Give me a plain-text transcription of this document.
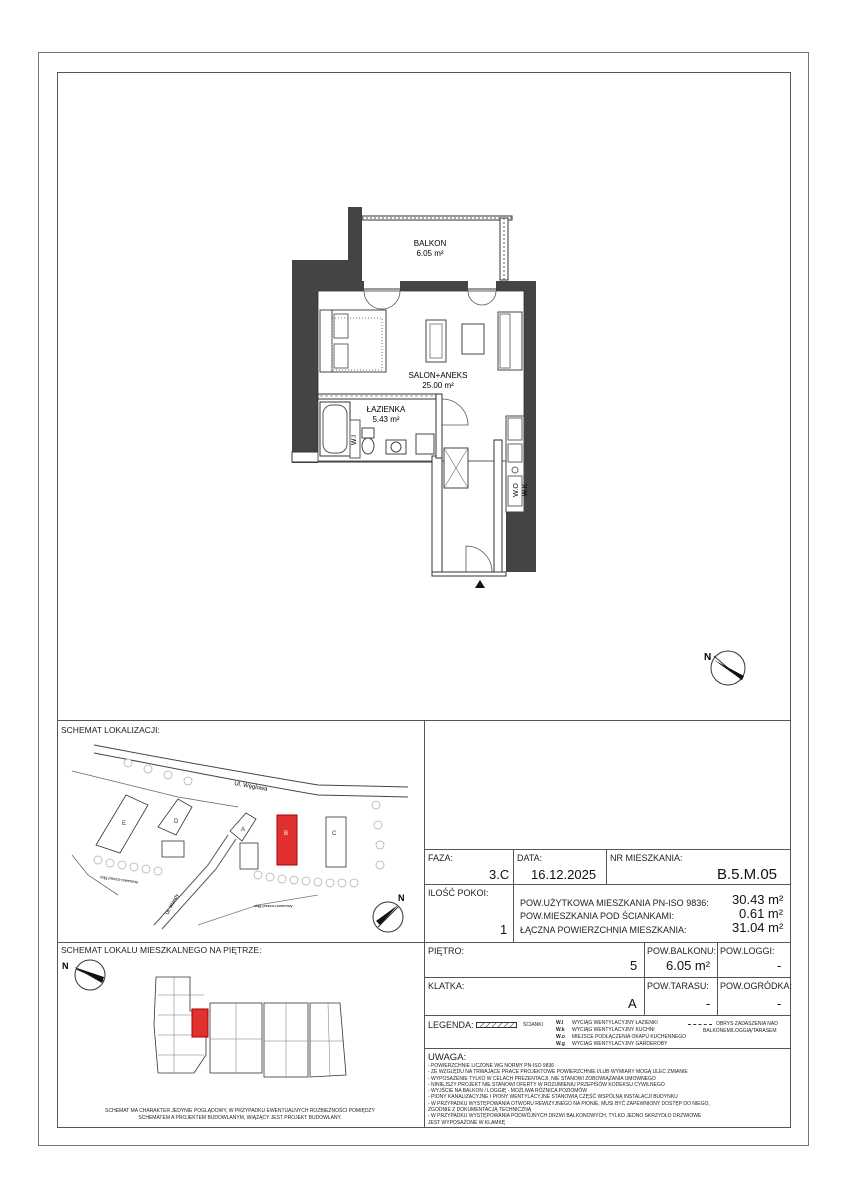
BALKON
6.05 m²
SALON+ANEKS
25.00 m²
ŁAZIENKA
5.43 m²
W.I
W.O W.K
N
SCHEMAT LOKALIZACJI:
Ul. Węglowa
Ul. Wandy
ciąg pieszo-rowerowy
ciąg pieszo-rowerowy
E	D
A
B	C
N
SCHEMAT LOKALU MIESZKALNEGO NA PIĘTRZE:
N
SCHEMAT MA CHARAKTER JEDYNIE POGLĄDOWY, W PRZYPADKU EWENTUALNYCH ROZBIEŻNOŚCI POMIĘDZY
SCHEMATEM A PROJEKTEM BUDOWLANYM, WIĄŻĄCY JEST PROJEKT BUDOWLANY.
FAZA:
3.C
DATA:
16.12.2025
NR MIESZKANIA:
B.5.M.05
ILOŚĆ POKOI:
1
POW.UŻYTKOWA MIESZKANIA PN-ISO 9836: 30.43 m²
POW.MIESZKANIA POD ŚCIANKAMI:	0.61 m²
ŁĄCZNA POWIERZCHNIA MIESZKANIA:	31.04 m²
PIĘTRO:
5
POW.BALKONU:
6.05 m²
POW.LOGGI:
-
KLATKA:
A
POW.TARASU:
-
POW.OGRÓDKA:
-
LEGENDA:	ŚCIANKI	W.I WYCIĄG WENTYLACYJNY ŁAZIENKI
W.k WYCIĄG WENTYLACYJNY KUCHNI
W.o MIEJSCE PODŁĄCZENIA OKAPU KUCHENNEGO
W.g WYCIĄG WENTYLACYJNY GARDEROBY
OBRYS ZADASZENIA NAD
BALKONEM/LOGGIĄ/TARASEM
UWAGA:
- POWIERZCHNIE LICZONE WG NORMY PN-ISO 9836
- ZE WZGLĘDU NA TRWAJĄCE PRACE PROJEKTOWE POWIERZCHNIE I/LUB WYMIARY MOGĄ ULEC ZMIANIE
- WYPOSAŻENIE TYLKO W CELACH PREZENTACJI, NIE STANOWI ZOBOWIĄZANIA UMOWNEGO
- NINIEJSZY PROJEKT NIE STANOWI OFERTY W ROZUMIENIU PRZEPISÓW KODEKSU CYWILNEGO
- WYJŚCIE NA BALKON / LOGGIĘ - MOŻLIWA RÓŻNICA POZIOMÓW
- PIONY KANALIZACYJNE I PIONY WENTYLACYJNE STANOWIĄ CZĘŚĆ WSPÓLNĄ INSTALACJI BUDYNKU
- W PRZYPADKU WYSTĘPOWANIA OTWORU REWIZYJNEGO NA PIONIE, MUSI BYĆ ZAPEWNIONY DOSTĘP DO NIEGO,
ZGODNIE Z DOKUMENTACJĄ TECHNICZNĄ
- W PRZYPADKU WYSTĘPOWANIA PODWÓJNYCH DRZWI BALKONOWYCH, TYLKO JEDNO SKRZYDŁO DRZWIOWE
JEST WYPOSAŻONE W KLAMKĘ
